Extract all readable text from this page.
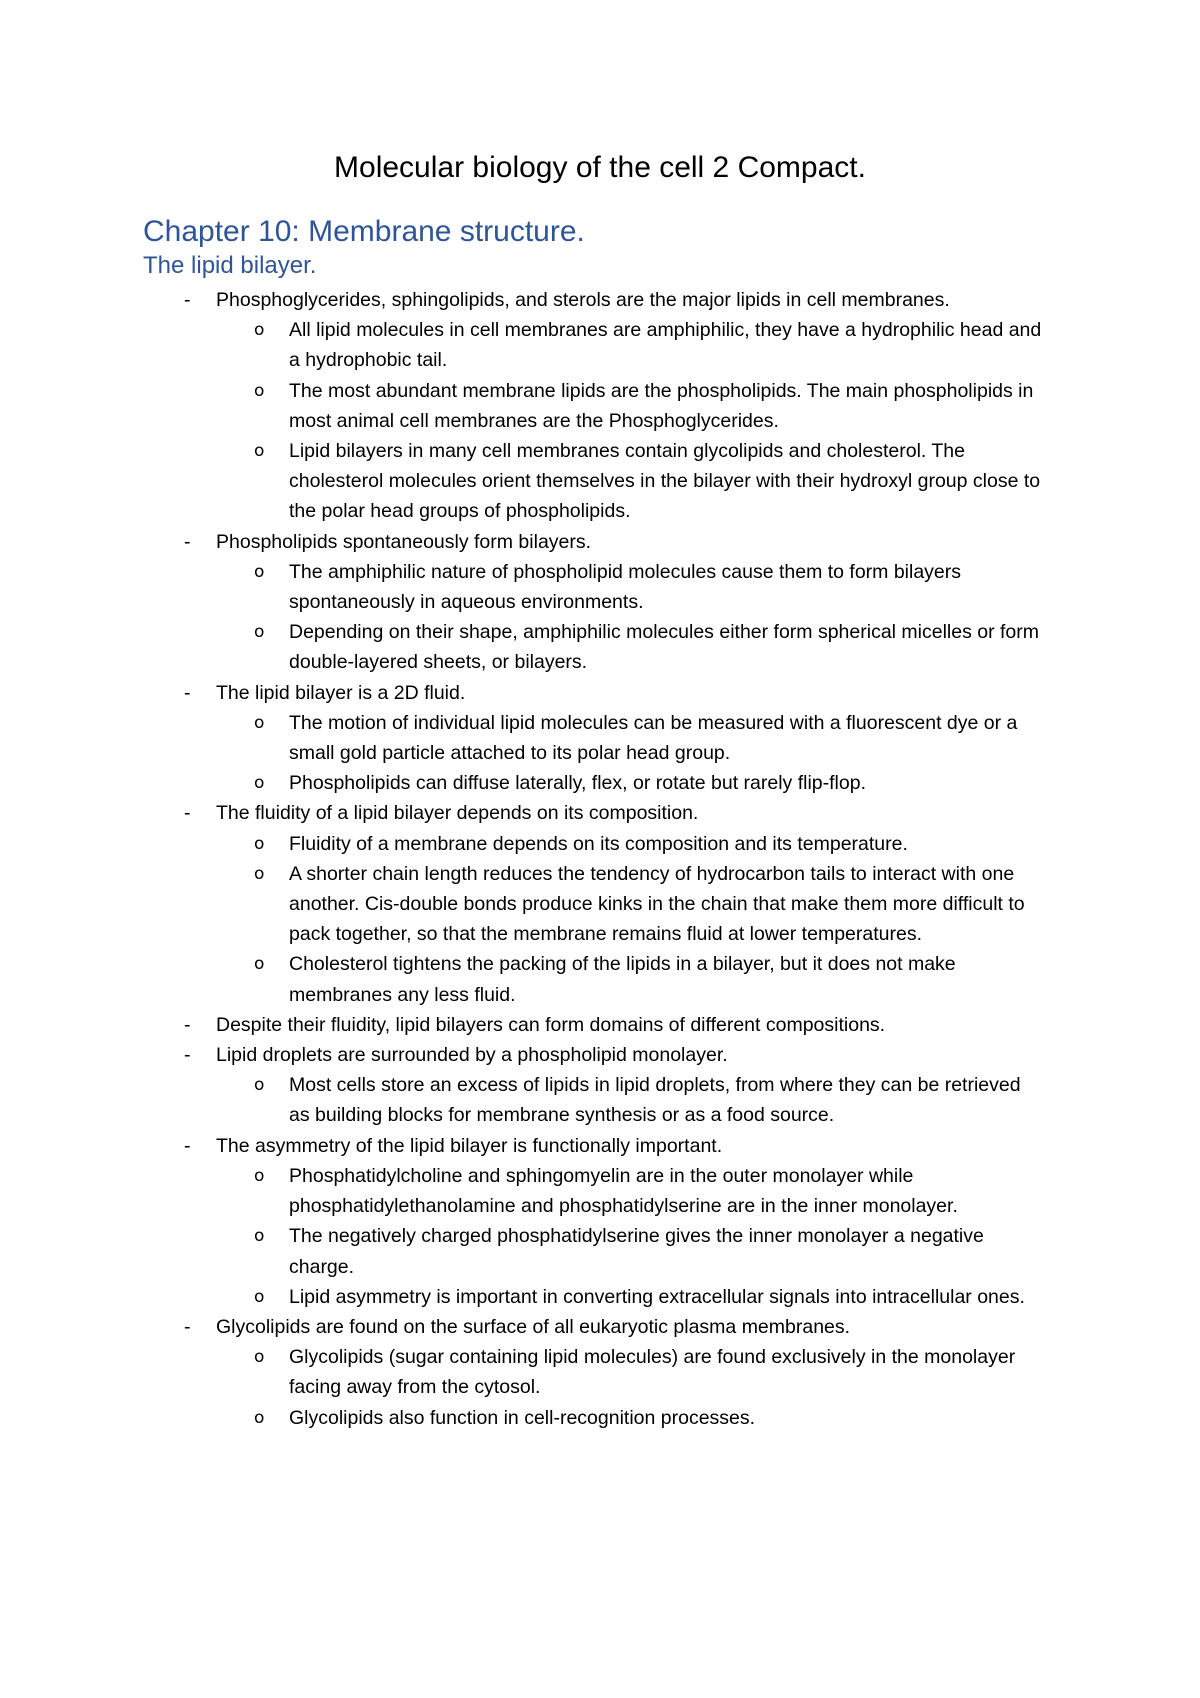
Molecular biology of the cell 2 Compact.
Chapter 10: Membrane structure.
The lipid bilayer.
- Phosphoglycerides, sphingolipids, and sterols are the major lipids in cell membranes.
o All lipid molecules in cell membranes are amphiphilic, they have a hydrophilic head and a hydrophobic tail.
o The most abundant membrane lipids are the phospholipids. The main phospholipids in most animal cell membranes are the Phosphoglycerides.
o Lipid bilayers in many cell membranes contain glycolipids and cholesterol. The cholesterol molecules orient themselves in the bilayer with their hydroxyl group close to the polar head groups of phospholipids.
- Phospholipids spontaneously form bilayers.
o The amphiphilic nature of phospholipid molecules cause them to form bilayers spontaneously in aqueous environments.
o Depending on their shape, amphiphilic molecules either form spherical micelles or form double-layered sheets, or bilayers.
- The lipid bilayer is a 2D fluid.
o The motion of individual lipid molecules can be measured with a fluorescent dye or a small gold particle attached to its polar head group.
o Phospholipids can diffuse laterally, flex, or rotate but rarely flip-flop.
- The fluidity of a lipid bilayer depends on its composition.
o Fluidity of a membrane depends on its composition and its temperature.
o A shorter chain length reduces the tendency of hydrocarbon tails to interact with one another. Cis-double bonds produce kinks in the chain that make them more difficult to pack together, so that the membrane remains fluid at lower temperatures.
o Cholesterol tightens the packing of the lipids in a bilayer, but it does not make membranes any less fluid.
- Despite their fluidity, lipid bilayers can form domains of different compositions.
- Lipid droplets are surrounded by a phospholipid monolayer.
o Most cells store an excess of lipids in lipid droplets, from where they can be retrieved as building blocks for membrane synthesis or as a food source.
- The asymmetry of the lipid bilayer is functionally important.
o Phosphatidylcholine and sphingomyelin are in the outer monolayer while phosphatidylethanolamine and phosphatidylserine are in the inner monolayer.
o The negatively charged phosphatidylserine gives the inner monolayer a negative charge.
o Lipid asymmetry is important in converting extracellular signals into intracellular ones.
- Glycolipids are found on the surface of all eukaryotic plasma membranes.
o Glycolipids (sugar containing lipid molecules) are found exclusively in the monolayer facing away from the cytosol.
o Glycolipids also function in cell-recognition processes.
